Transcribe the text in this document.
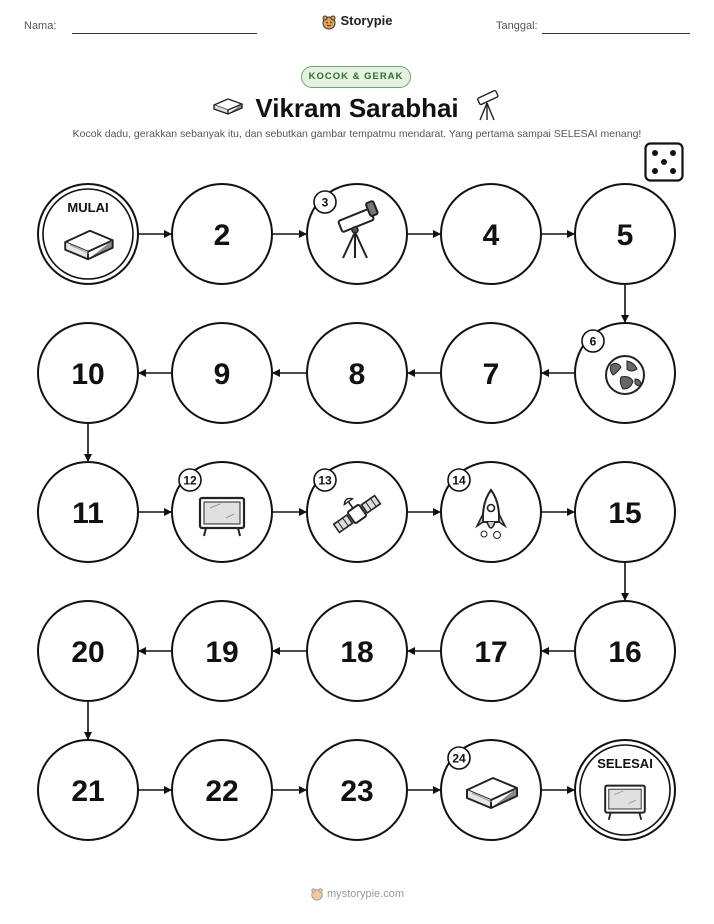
Nama:	Storypie	Tanggal:
KOCOK & GERAK
Vikram Sarabhai
Kocok dadu, gerakkan sebanyak itu, dan sebutkan gambar tempatmu mendarat. Yang pertama sampai SELESAI menang!
MULAI
2
3
4	5
6
7
8
9
10
11
12	13	14
15
16
17
18
19
20
21	22	23
24	SELESAI
mystorypie.com
